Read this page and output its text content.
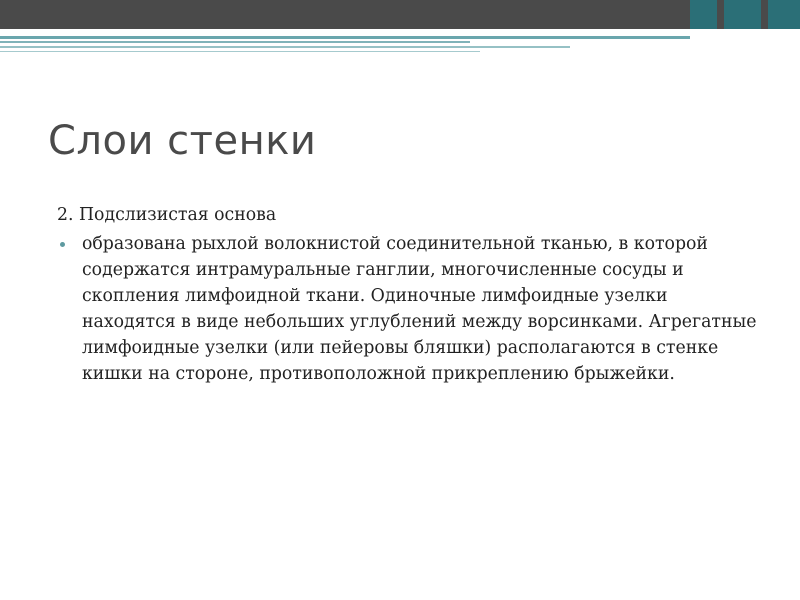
Слои стенки
2. Подслизистая основа
образована рыхлой волокнистой соединительной тканью, в которой содержатся интрамуральные ганглии, многочисленные сосуды и скопления лимфоидной ткани. Одиночные лимфоидные узелки находятся в виде небольших углублений между ворсинками. Агрегатные лимфоидные узелки (или пейеровы бляшки) располагаются в стенке кишки на стороне, противоположной прикреплению брыжейки.
